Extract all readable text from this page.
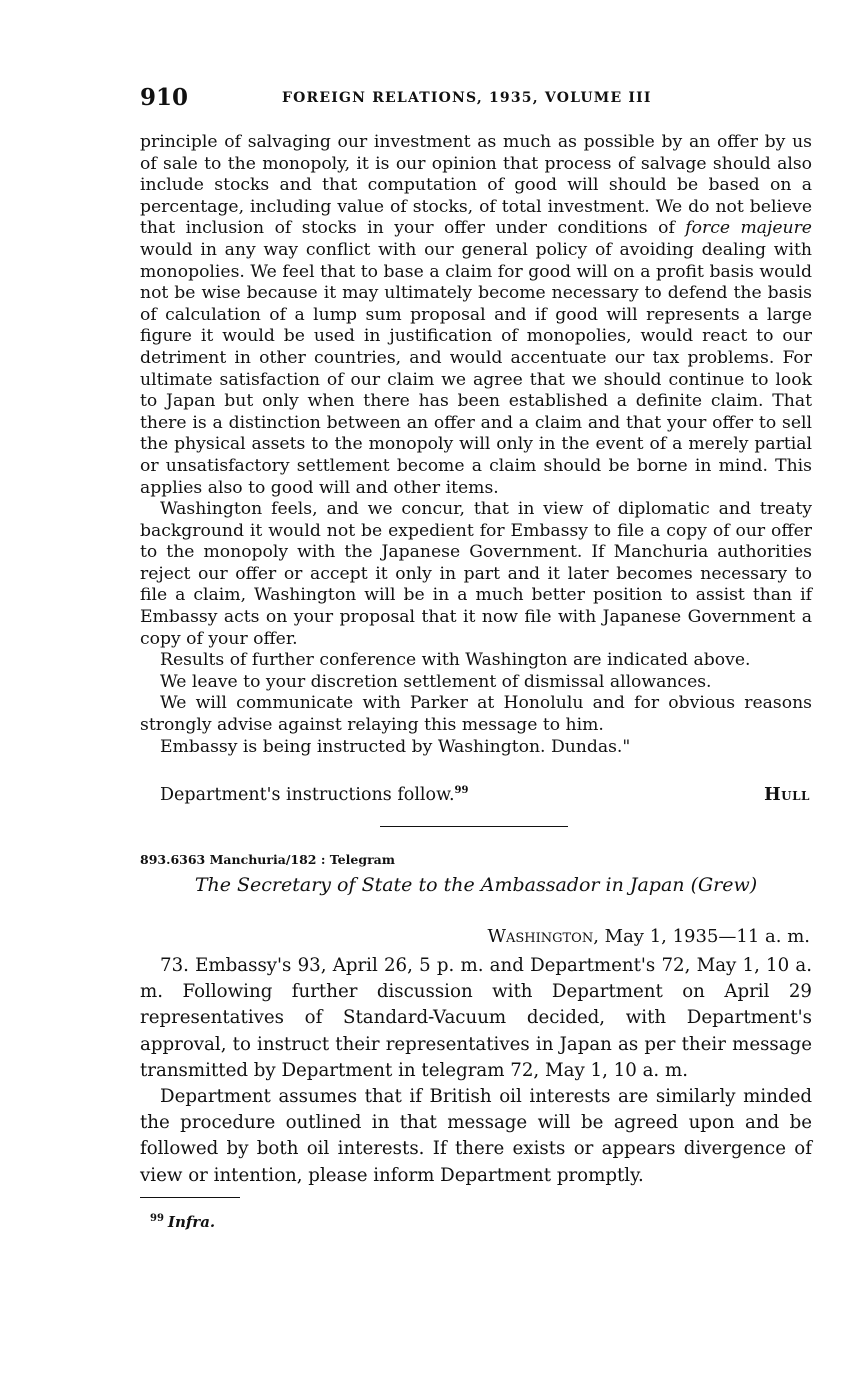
910	FOREIGN RELATIONS, 1935, VOLUME III

principle of salvaging our investment as much as possible by an offer by us of sale to the monopoly, it is our opinion that process of salvage should also include stocks and that computation of good will should be based on a percentage, including value of stocks, of total investment. We do not believe that inclusion of stocks in your offer under conditions of force majeure would in any way conflict with our general policy of avoiding dealing with monopolies. We feel that to base a claim for good will on a profit basis would not be wise because it may ultimately become necessary to defend the basis of calculation of a lump sum proposal and if good will represents a large figure it would be used in justification of monopolies, would react to our detriment in other countries, and would accentuate our tax problems. For ultimate satisfaction of our claim we agree that we should continue to look to Japan but only when there has been established a definite claim. That there is a distinction between an offer and a claim and that your offer to sell the physical assets to the monopoly will only in the event of a merely partial or unsatisfactory settlement become a claim should be borne in mind. This applies also to good will and other items.

Washington feels, and we concur, that in view of diplomatic and treaty background it would not be expedient for Embassy to file a copy of our offer to the monopoly with the Japanese Government. If Manchuria authorities reject our offer or accept it only in part and it later becomes necessary to file a claim, Washington will be in a much better position to assist than if Embassy acts on your proposal that it now file with Japanese Government a copy of your offer.

Results of further conference with Washington are indicated above.

We leave to your discretion settlement of dismissal allowances.

We will communicate with Parker at Honolulu and for obvious reasons strongly advise against relaying this message to him.

Embassy is being instructed by Washington. Dundas."

Department's instructions follow.$^{99}$	Hull
893.6363 Manchuria/182 : Telegram
The Secretary of State to the Ambassador in Japan (Grew)
Washington, May 1, 1935—11 a. m.

73. Embassy's 93, April 26, 5 p. m. and Department's 72, May 1, 10 a. m. Following further discussion with Department on April 29 representatives of Standard-Vacuum decided, with Department's approval, to instruct their representatives in Japan as per their message transmitted by Department in telegram 72, May 1, 10 a. m.

Department assumes that if British oil interests are similarly minded the procedure outlined in that message will be agreed upon and be followed by both oil interests. If there exists or appears divergence of view or intention, please inform Department promptly.

$^{99}$ Infra.
